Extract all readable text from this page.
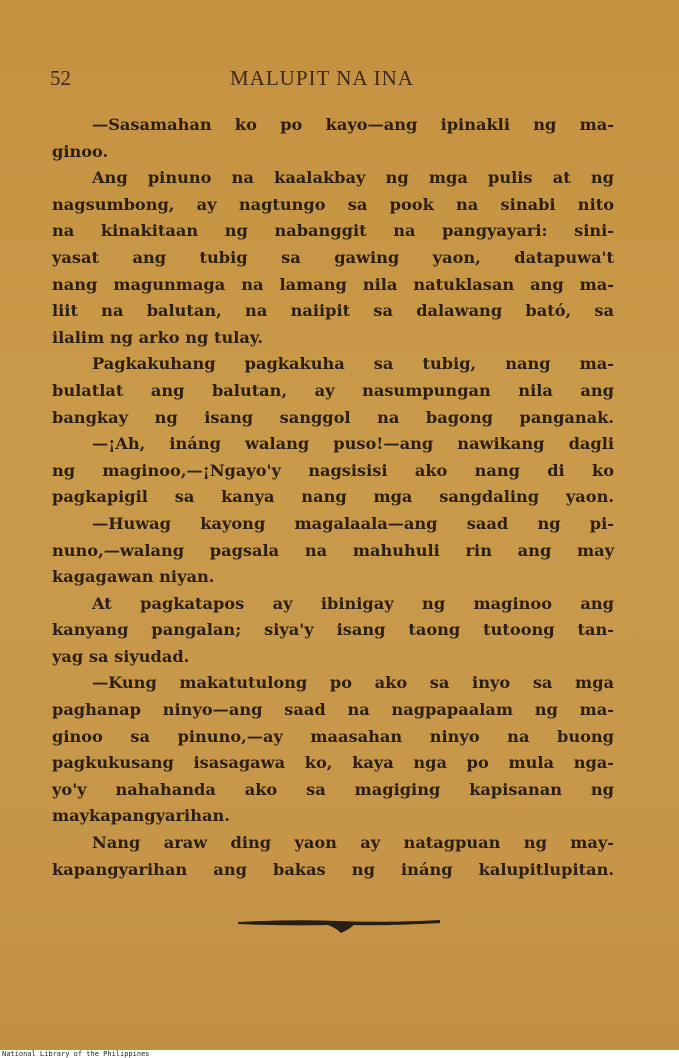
52	MALUPIT NA INA
—Sasamahan ko po kayo—ang ipinakli ng ma-
ginoo.
Ang pinuno na kaalakbay ng mga pulis at ng
nagsumbong, ay nagtungo sa pook na sinabi nito
na kinakitaan ng nabanggit na pangyayari: sini-
yasat ang tubig sa gawing yaon, datapuwa't
nang magunmaga na lamang nila natuklasan ang ma-
liit na balutan, na naiipit sa dalawang bató, sa
ilalim ng arko ng tulay.
Pagkakuhang pagkakuha sa tubig, nang ma-
bulatlat ang balutan, ay nasumpungan nila ang
bangkay ng isang sanggol na bagong panganak.
—¡Ah, ináng walang puso!—ang nawikang dagli
ng maginoo,—¡Ngayo'y nagsisisi ako nang di ko
pagkapigil sa kanya nang mga sangdaling yaon.
—Huwag kayong magalaala—ang saad ng pi-
nuno,—walang pagsala na mahuhuli rin ang may
kagagawan niyan.
At pagkatapos ay ibinigay ng maginoo ang
kanyang pangalan; siya'y isang taong tutoong tan-
yag sa siyudad.
—Kung makatutulong po ako sa inyo sa mga
paghanap ninyo—ang saad na nagpapaalam ng ma-
ginoo sa pinuno,—ay maasahan ninyo na buong
pagkukusang isasagawa ko, kaya nga po mula nga-
yo'y nahahanda ako sa magiging kapisanan ng
maykapangyarihan.
Nang araw ding yaon ay natagpuan ng may-
kapangyarihan ang bakas ng ináng kalupitlupitan.
National Library of the Philippines
